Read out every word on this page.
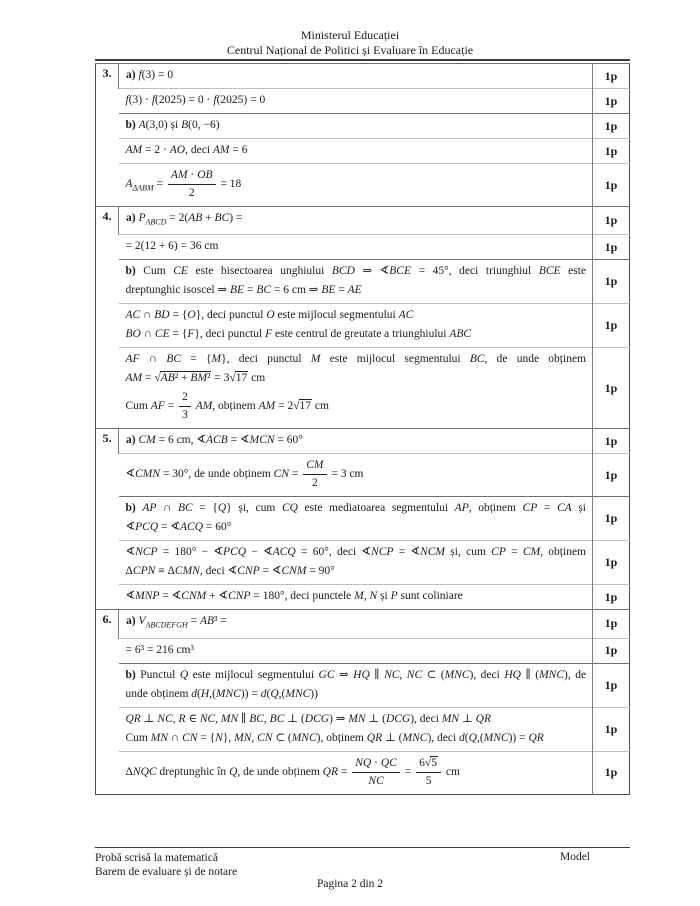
Ministerul Educației
Centrul Național de Politici și Evaluare în Educație
3.	a) f(3) = 0	1p

	f(3) ⋅ f(2025) = 0 ⋅ f(2025) = 0	1p

	b) A(3,0) și B(0, −6)	1p

	AM = 2 ⋅ AO, deci AM = 6	1p

	$A_{\Delta ABM} = \frac{AM \cdot OB}{2} = 18$	1p
4.	a) $P_{ABCD} = 2(AB + BC)$ =	1p

	= 2(12 + 6) = 36 cm	1p

	b) Cum CE este bisectoarea unghiului BCD ⇒ ∢BCE = 45°, deci triunghiul BCE este
dreptunghic isoscel ⇒ BE = BC = 6 cm ⇒ BE = AE	1p

	AC ∩ BD = {O}, deci punctul O este mijlocul segmentului AC
BO ∩ CE = {F}, deci punctul F este centrul de greutate a triunghiului ABC	1p

AF ∩ BC = {M}, deci punctul M este mijlocul segmentului BC, de unde obținem
AM = √AB² + BM² = 3√17 cm
Cum AF = $\frac{2}{3}$ AM, obținem AM = 2√17 cm
	1p
5.	a) CM = 6 cm, ∢ACB = ∢MCN = 60°	1p

	∢CMN = 30°, de unde obținem CN = $\frac{CM}{2} = 3$ cm	1p

	b) AP ∩ BC = {Q} și, cum CQ este mediatoarea segmentului AP, obținem CP = CA și
∢PCQ = ∢ACQ = 60°	1p

	∢NCP = 180° − ∢PCQ − ∢ACQ = 60°, deci ∢NCP = ∢NCM și, cum CP = CM, obținem
ΔCPN ≡ ΔCMN, deci ∢CNP = ∢CNM = 90°	1p

	∢MNP = ∢CNM + ∢CNP = 180°, deci punctele M, N și P sunt coliniare	1p
6.	a) $V_{ABCDEFGH} = AB^3$ =	1p

	= 6³ = 216 cm³	1p

	b) Punctul Q este mijlocul segmentului GC ⇒ HQ ∥ NC, NC ⊂ (MNC), deci HQ ∥ (MNC), de
unde obținem d(H,(MNC)) = d(Q,(MNC))	1p

	QR ⊥ NC, R ∈ NC, MN ∥ BC, BC ⊥ (DCG) ⇒ MN ⊥ (DCG), deci MN ⊥ QR
Cum MN ∩ CN = {N}, MN, CN ⊂ (MNC), obținem QR ⊥ (MNC), deci d(Q,(MNC)) = QR	1p

ΔNQC dreptunghic în Q, de unde obținem QR = $\frac{NQ \cdot QC}{NC} = \frac{6√5}{5}$ cm	1p
Probă scrisă la matematică
Barem de evaluare și de notare
Model
Pagina 2 din 2
